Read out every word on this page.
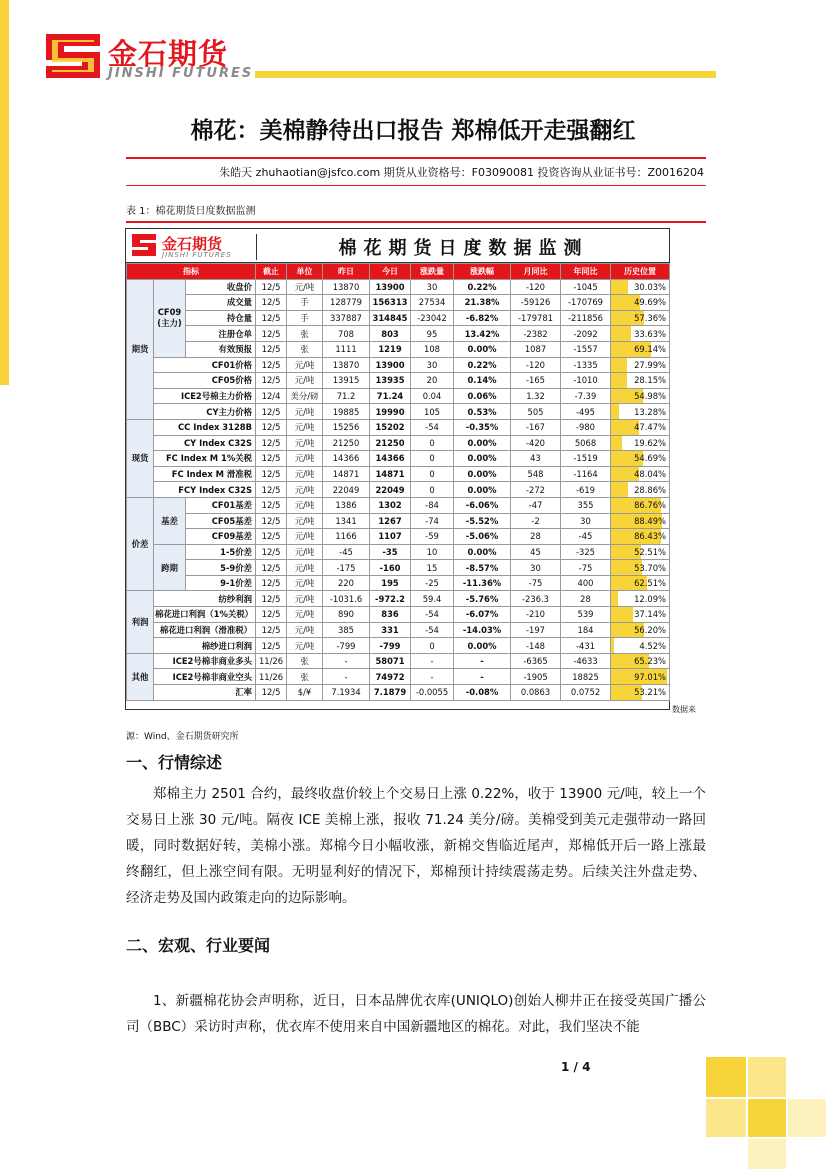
金石期货
JINSHI FUTURES
棉花：美棉静待出口报告 郑棉低开走强翻红
朱皓天 zhuhaotian@jsfco.com 期货从业资格号：F03090081 投资咨询从业证书号：Z0016204
表 1：棉花期货日度数据监测
金石期货
JINSHI FUTURES	棉花期货日度数据监测
指标			截止	单位	昨日	今日	涨跌量	涨跌幅	月同比	年同比	历史位置
期货	CF09
(主力)	收盘价	12/5	元/吨	13870	13900	30	0.22%	-120	-1045	30.03%
		成交量	12/5	手	128779	156313	27534	21.38%	-59126	-170769	49.69%
		持仓量	12/5	手	337887	314845	-23042	-6.82%	-179781	-211856	57.36%
		注册仓单	12/5	张	708	803	95	13.42%	-2382	-2092	33.63%
		有效预报	12/5	张	1111	1219	108	0.00%	1087	-1557	69.14%
	CF01价格		12/5	元/吨	13870	13900	30	0.22%	-120	-1335	27.99%
	CF05价格		12/5	元/吨	13915	13935	20	0.14%	-165	-1010	28.15%
	ICE2号棉主力价格		12/4	美分/磅	71.2	71.24	0.04	0.06%	1.32	-7.39	54.98%
	CY主力价格		12/5	元/吨	19885	19990	105	0.53%	505	-495	13.28%
现货	CC Index 3128B		12/5	元/吨	15256	15202	-54	-0.35%	-167	-980	47.47%
	CY Index C32S		12/5	元/吨	21250	21250	0	0.00%	-420	5068	19.62%
	FC Index M 1%关税		12/5	元/吨	14366	14366	0	0.00%	43	-1519	54.69%
	FC Index M 滑准税		12/5	元/吨	14871	14871	0	0.00%	548	-1164	48.04%
	FCY Index C32S		12/5	元/吨	22049	22049	0	0.00%	-272	-619	28.86%
价差	基差	CF01基差	12/5	元/吨	1386	1302	-84	-6.06%	-47	355	86.76%
		CF05基差	12/5	元/吨	1341	1267	-74	-5.52%	-2	30	88.49%
		CF09基差	12/5	元/吨	1166	1107	-59	-5.06%	28	-45	86.43%
	跨期	1-5价差	12/5	元/吨	-45	-35	10	0.00%	45	-325	52.51%
		5-9价差	12/5	元/吨	-175	-160	15	-8.57%	30	-75	53.70%
		9-1价差	12/5	元/吨	220	195	-25	-11.36%	-75	400	62.51%
利润	纺纱利润		12/5	元/吨	-1031.6	-972.2	59.4	-5.76%	-236.3	28	12.09%
	棉花进口利润（1%关税）		12/5	元/吨	890	836	-54	-6.07%	-210	539	37.14%
	棉花进口利润（滑准税）		12/5	元/吨	385	331	-54	-14.03%	-197	184	56.20%
	棉纱进口利润		12/5	元/吨	-799	-799	0	0.00%	-148	-431	4.52%
其他	ICE2号棉非商业多头		11/26	张	-	58071	-	-	-6365	-4633	65.23%
	ICE2号棉非商业空头		11/26	张	-	74972	-	-	-1905	18825	97.01%
	汇率		12/5	$/¥	7.1934	7.1879	-0.0055	-0.08%	0.0863	0.0752	53.21%
数据来
源：Wind、金石期货研究所
一、行情综述
郑棉主力 2501 合约，最终收盘价较上个交易日上涨 0.22%，收于 13900 元/吨，较上一个交易日上涨 30 元/吨。隔夜 ICE 美棉上涨，报收 71.24 美分/磅。美棉受到美元走强带动一路回暖，同时数据好转，美棉小涨。郑棉今日小幅收涨，新棉交售临近尾声，郑棉低开后一路上涨最终翻红，但上涨空间有限。无明显利好的情况下，郑棉预计持续震荡走势。后续关注外盘走势、经济走势及国内政策走向的边际影响。
二、宏观、行业要闻
1、新疆棉花协会声明称，近日，日本品牌优衣库(UNIQLO)创始人柳井正在接受英国广播公司（BBC）采访时声称，优衣库不使用来自中国新疆地区的棉花。对此，我们坚决不能
1 / 4
